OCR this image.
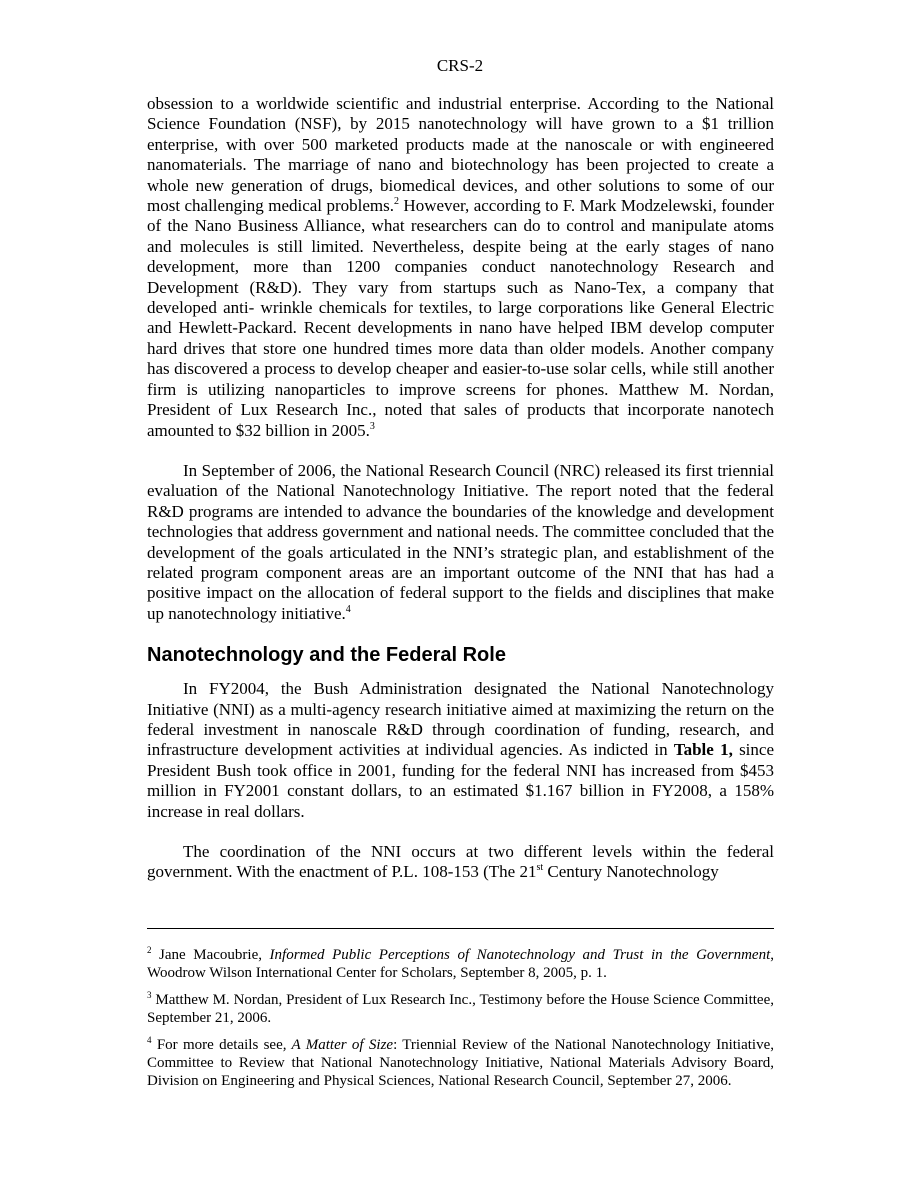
CRS-2

obsession to a worldwide scientific and industrial enterprise. According to the National Science Foundation (NSF), by 2015 nanotechnology will have grown to a $1 trillion enterprise, with over 500 marketed products made at the nanoscale or with engineered nanomaterials. The marriage of nano and biotechnology has been projected to create a whole new generation of drugs, biomedical devices, and other solutions to some of our most challenging medical problems.$^2$ However, according to F. Mark Modzelewski, founder of the Nano Business Alliance, what researchers can do to control and manipulate atoms and molecules is still limited. Nevertheless, despite being at the early stages of nano development, more than 1200 companies conduct nanotechnology Research and Development (R&D). They vary from startups such as Nano-Tex, a company that developed anti- wrinkle chemicals for textiles, to large corporations like General Electric and Hewlett-Packard. Recent developments in nano have helped IBM develop computer hard drives that store one hundred times more data than older models. Another company has discovered a process to develop cheaper and easier-to-use solar cells, while still another firm is utilizing nanoparticles to improve screens for phones. Matthew M. Nordan, President of Lux Research Inc., noted that sales of products that incorporate nanotech amounted to $32 billion in 2005.$^3$

In September of 2006, the National Research Council (NRC) released its first triennial evaluation of the National Nanotechnology Initiative. The report noted that the federal R&D programs are intended to advance the boundaries of the knowledge and development technologies that address government and national needs. The committee concluded that the development of the goals articulated in the NNI’s strategic plan, and establishment of the related program component areas are an important outcome of the NNI that has had a positive impact on the allocation of federal support to the fields and disciplines that make up nanotechnology initiative.$^4$

Nanotechnology and the Federal Role

In FY2004, the Bush Administration designated the National Nanotechnology Initiative (NNI) as a multi-agency research initiative aimed at maximizing the return on the federal investment in nanoscale R&D through coordination of funding, research, and infrastructure development activities at individual agencies. As indicted in Table 1, since President Bush took office in 2001, funding for the federal NNI has increased from $453 million in FY2001 constant dollars, to an estimated $1.167 billion in FY2008, a 158% increase in real dollars.

The coordination of the NNI occurs at two different levels within the federal government. With the enactment of P.L. 108-153 (The 21st Century Nanotechnology

$^2$ Jane Macoubrie, Informed Public Perceptions of Nanotechnology and Trust in the Government, Woodrow Wilson International Center for Scholars, September 8, 2005, p. 1.

$^3$ Matthew M. Nordan, President of Lux Research Inc., Testimony before the House Science Committee, September 21, 2006.

$^4$ For more details see, A Matter of Size: Triennial Review of the National Nanotechnology Initiative, Committee to Review that National Nanotechnology Initiative, National Materials Advisory Board, Division on Engineering and Physical Sciences, National Research Council, September 27, 2006.
